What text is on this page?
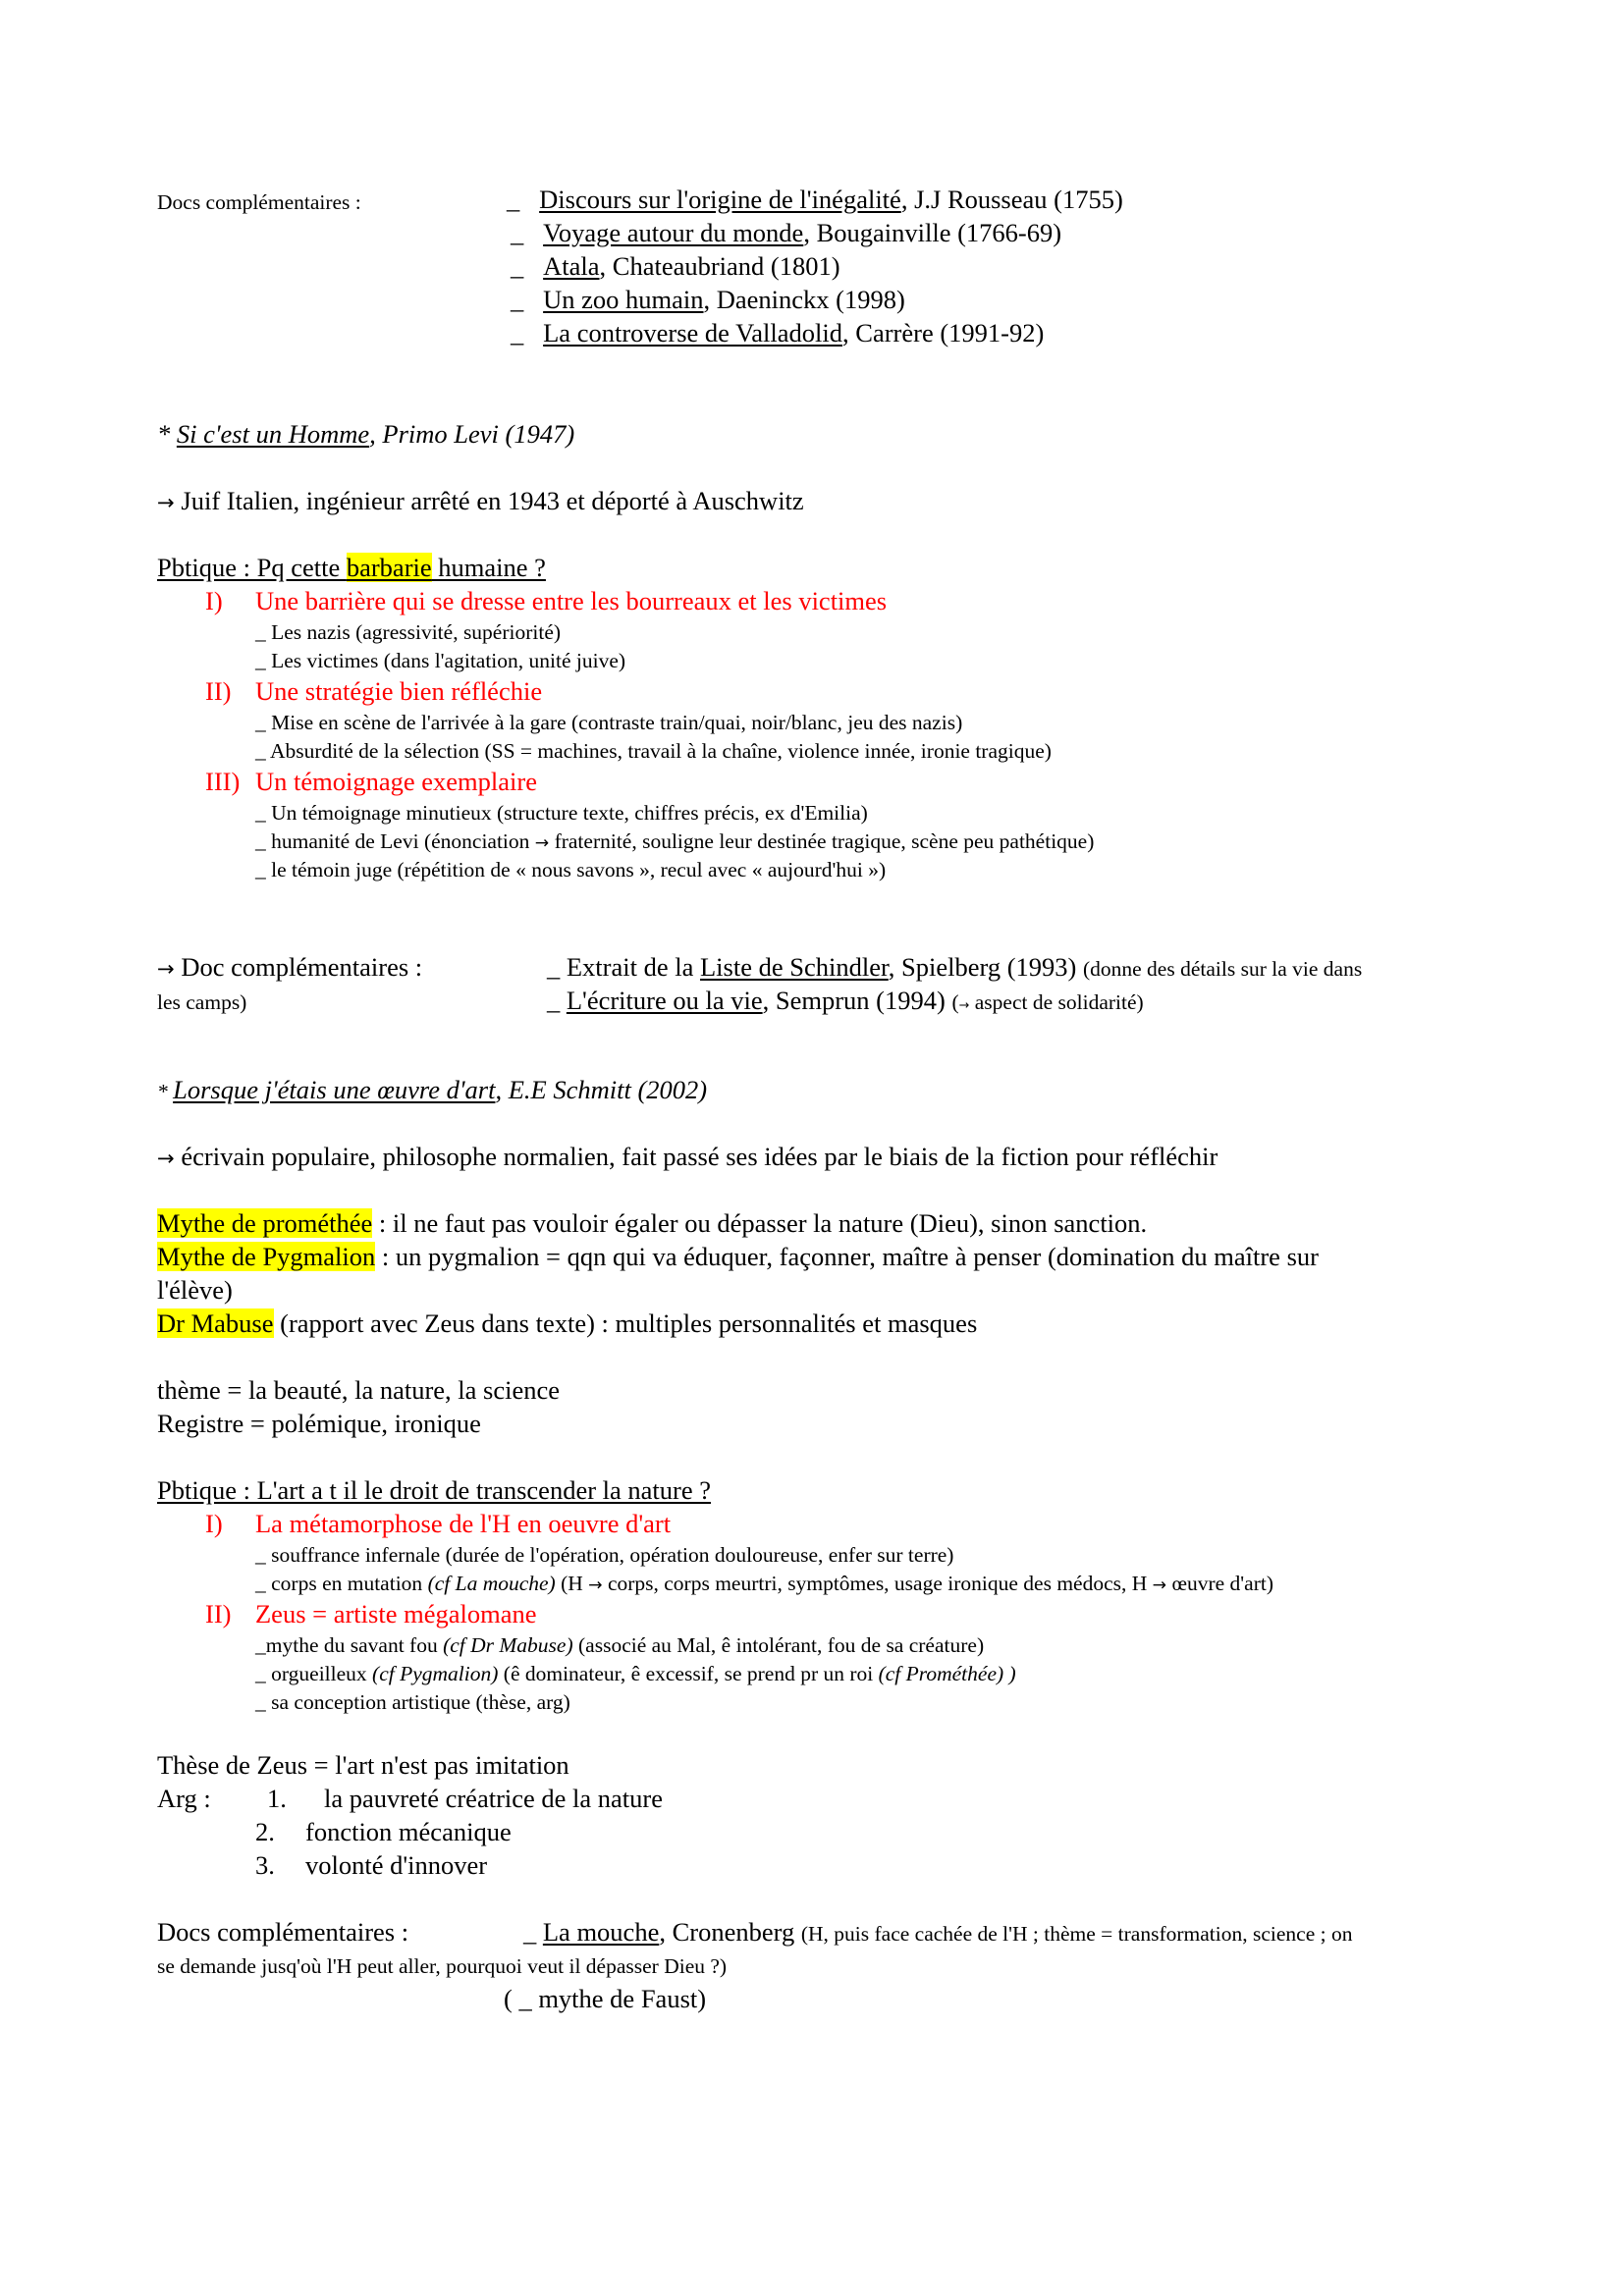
Docs complémentaires :	_ Discours sur l'origine de l'inégalité, J.J Rousseau (1755)
_ Voyage autour du monde, Bougainville (1766-69)
_ Atala, Chateaubriand (1801)
_ Un zoo humain, Daeninckx (1998)
_ La controverse de Valladolid, Carrère (1991-92)
* Si c'est un Homme, Primo Levi (1947)
→ Juif Italien, ingénieur arrêté en 1943 et déporté à Auschwitz
Pbtique : Pq cette barbarie humaine ?
I) Une barrière qui se dresse entre les bourreaux et les victimes
_ Les nazis (agressivité, supériorité)
_ Les victimes (dans l'agitation, unité juive)
II) Une stratégie bien réfléchie
_ Mise en scène de l'arrivée à la gare (contraste train/quai, noir/blanc, jeu des nazis)
_ Absurdité de la sélection (SS = machines, travail à la chaîne, violence innée, ironie tragique)
III) Un témoignage exemplaire
_ Un témoignage minutieux (structure texte, chiffres précis, ex d'Emilia)
_ humanité de Levi (énonciation → fraternité, souligne leur destinée tragique, scène peu pathétique)
_ le témoin juge (répétition de « nous savons », recul avec « aujourd'hui »)
→ Doc complémentaires :	_ Extrait de la Liste de Schindler, Spielberg (1993) (donne des détails sur la vie dans
les camps)	_ L'écriture ou la vie, Semprun (1994) (→ aspect de solidarité)
* Lorsque j'étais une œuvre d'art, E.E Schmitt (2002)
→ écrivain populaire, philosophe normalien, fait passé ses idées par le biais de la fiction pour réfléchir
Mythe de prométhée : il ne faut pas vouloir égaler ou dépasser la nature (Dieu), sinon sanction.
Mythe de Pygmalion : un pygmalion = qqn qui va éduquer, façonner, maître à penser (domination du maître sur
l'élève)
Dr Mabuse (rapport avec Zeus dans texte) : multiples personnalités et masques
thème = la beauté, la nature, la science
Registre = polémique, ironique
Pbtique : L'art a t il le droit de transcender la nature ?
I) La métamorphose de l'H en oeuvre d'art
_ souffrance infernale (durée de l'opération, opération douloureuse, enfer sur terre)
_ corps en mutation (cf La mouche) (H → corps, corps meurtri, symptômes, usage ironique des médocs, H → œuvre d'art)
II) Zeus = artiste mégalomane
_mythe du savant fou (cf Dr Mabuse) (associé au Mal, ê intolérant, fou de sa créature)
_ orgueilleux (cf Pygmalion) (ê dominateur, ê excessif, se prend pr un roi (cf Prométhée) )
_ sa conception artistique (thèse, arg)
Thèse de Zeus = l'art n'est pas imitation
Arg : 1. la pauvreté créatrice de la nature
2. fonction mécanique
3. volonté d'innover
Docs complémentaires :	_ La mouche, Cronenberg (H, puis face cachée de l'H ; thème = transformation, science ; on
se demande jusq'où l'H peut aller, pourquoi veut il dépasser Dieu ?)
( _ mythe de Faust)
